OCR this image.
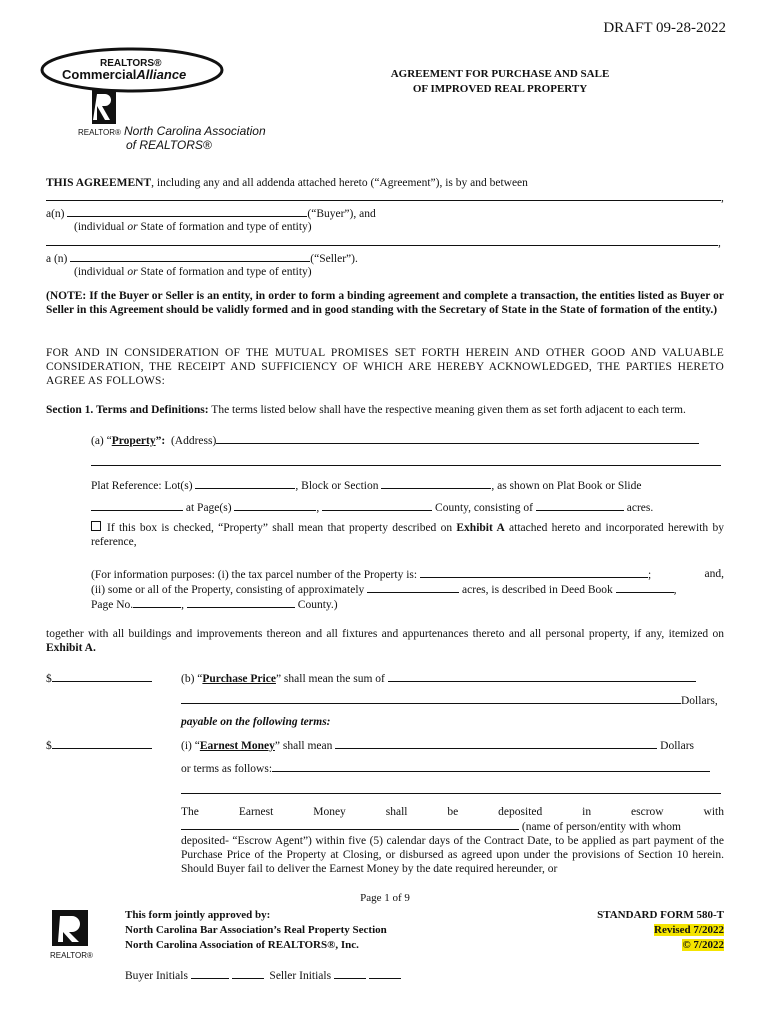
DRAFT 09-28-2022
REALTORS®
CommercialAlliance
REALTOR® North Carolina Association
of REALTORS®
AGREEMENT FOR PURCHASE AND SALE
OF IMPROVED REAL PROPERTY
THIS AGREEMENT, including any and all addenda attached hereto (“Agreement”), is by and between
,
a(n)	(“Buyer”), and
(individual or State of formation and type of entity)
,
a (n)	(“Seller”).
(individual or State of formation and type of entity)
(NOTE: If the Buyer or Seller is an entity, in order to form a binding agreement and complete a transaction, the entities listed as Buyer or Seller in this Agreement should be validly formed and in good standing with the Secretary of State in the State of formation of the entity.)
FOR AND IN CONSIDERATION OF THE MUTUAL PROMISES SET FORTH HEREIN AND OTHER GOOD AND VALUABLE CONSIDERATION, THE RECEIPT AND SUFFICIENCY OF WHICH ARE HEREBY ACKNOWLEDGED, THE PARTIES HERETO AGREE AS FOLLOWS:
Section 1. Terms and Definitions: The terms listed below shall have the respective meaning given them as set forth adjacent to each term.
(a) “Property”: (Address)
Plat Reference: Lot(s)	, Block or Section	, as shown on Plat Book or Slide
at Page(s)	,	County, consisting of	acres.
If this box is checked, “Property” shall mean that property described on Exhibit A attached hereto and incorporated herewith by reference,
(For information purposes: (i) the tax parcel number of the Property is:	;	and,
(ii) some or all of the Property, consisting of approximately	acres, is described in Deed Book	,
Page No.	,	County.)
together with all buildings and improvements thereon and all fixtures and appurtenances thereto and all personal property, if any, itemized on Exhibit A.
$	(b) “Purchase Price” shall mean the sum of
Dollars,
payable on the following terms:
$	(i) “Earnest Money” shall mean	Dollars
or terms as follows:
The	Earnest	Money	shall	be	deposited	in	escrow	with
(name of person/entity with whom
deposited- “Escrow Agent”) within five (5) calendar days of the Contract Date, to be applied as part payment of the Purchase Price of the Property at Closing, or disbursed as agreed upon under the provisions of Section 10 herein. Should Buyer fail to deliver the Earnest Money by the date required hereunder, or
Page 1 of 9
REALTOR®
This form jointly approved by:
North Carolina Bar Association’s Real Property Section
North Carolina Association of REALTORS®, Inc.
STANDARD FORM 580-T
Revised 7/2022
© 7/2022
Buyer Initials	Seller Initials
